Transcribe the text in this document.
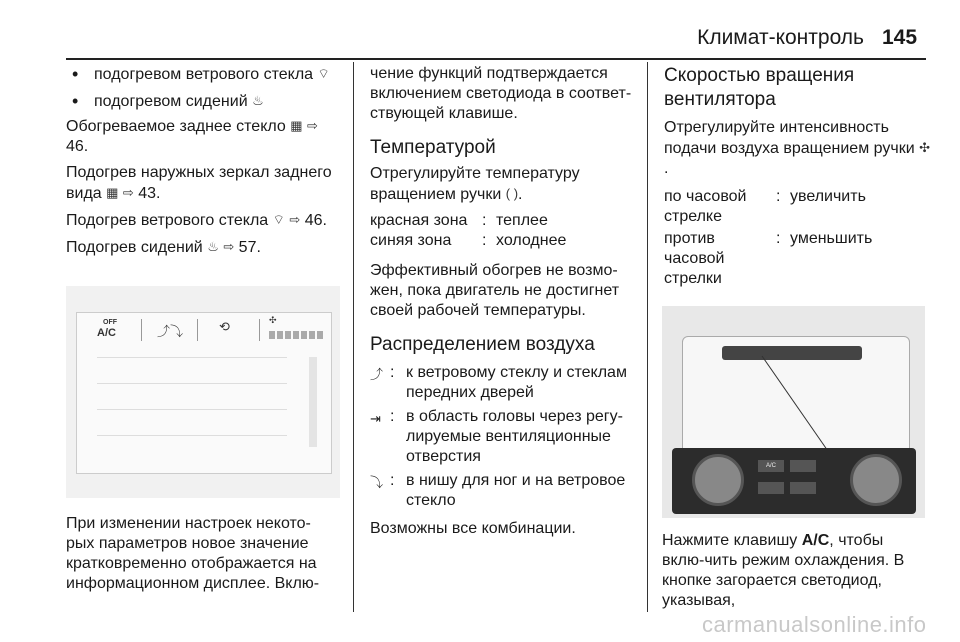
Климат-контроль 145

• подогревом ветрового стекла ⌔

• подогревом сидений ♨

Обогреваемое заднее стекло ▦ ⇨ 46.

Подогрев наружных зеркал заднего вида ▦ ⇨ 43.

Подогрев ветрового стекла ⌔ ⇨ 46.

Подогрев сидений ♨ ⇨ 57.

OFF
A/C	⤴⤵	⟲	✣

При изменении настроек некото-рых параметров новое значение кратковременно отображается на информационном дисплее. Вклю-

чение функций подтверждается включением светодиода в соответ-ствующей клавише.

Температурой

Отрегулируйте температуру вращением ручки ( ).

красная зона : теплее
синяя зона	: холоднее

Эффективный обогрев не возмо-жен, пока двигатель не достигнет своей рабочей температуры.

Распределением воздуха
⤴ : к ветровому стеклу и стеклам передних дверей
⇥ : в область головы через регу-лируемые вентиляционные отверстия
⤵ : в нишу для ног и на ветровое стекло

Возможны все комбинации.

Скоростью вращения вентилятора

Отрегулируйте интенсивность подачи воздуха вращением ручки ✣.

по часовой стрелке
: увеличить
против часовой стрелки
: уменьшить
A/C

Нажмите клавишу A/C, чтобы вклю-чить режим охлаждения. В кнопке загорается светодиод, указывая,

carmanualsonline.info
